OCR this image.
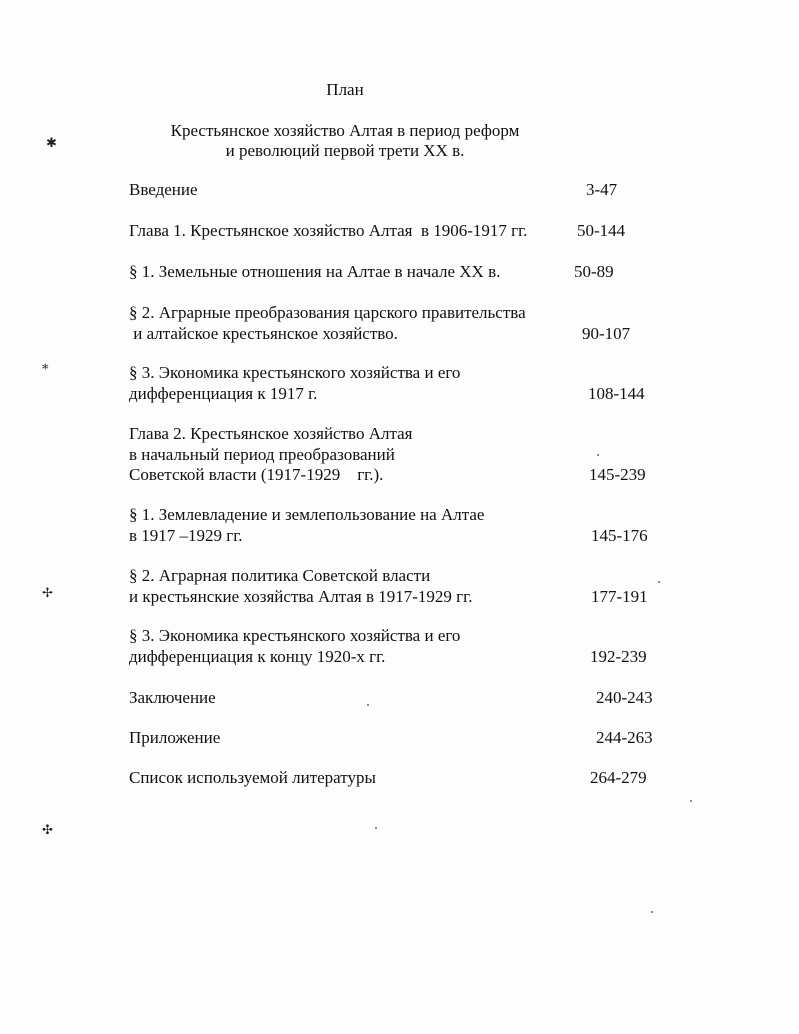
План
Крестьянское хозяйство Алтая в период реформ
и революций первой трети XX в.
Введение	3-47
Глава 1. Крестьянское хозяйство Алтая  в 1906-1917 гг.	50-144
§ 1. Земельные отношения на Алтае в начале XX в.	50-89
§ 2. Аграрные преобразования царского правительства
и алтайское крестьянское хозяйство.	90-107
§ 3. Экономика крестьянского хозяйства и его
дифференциация к 1917 г.	108-144
Глава 2. Крестьянское хозяйство Алтая
в начальный период преобразований
Советской власти (1917-1929    гг.).	145-239
§ 1. Землевладение и землепользование на Алтае
в 1917 –1929 гг.	145-176
§ 2. Аграрная политика Советской власти
и крестьянские хозяйства Алтая в 1917-1929 гг.	177-191
§ 3. Экономика крестьянского хозяйства и его
дифференциация к концу 1920-х гг.	192-239
Заключение	240-243
Приложение	244-263
Список используемой литературы	264-279
✱
⁎
✢
✣
